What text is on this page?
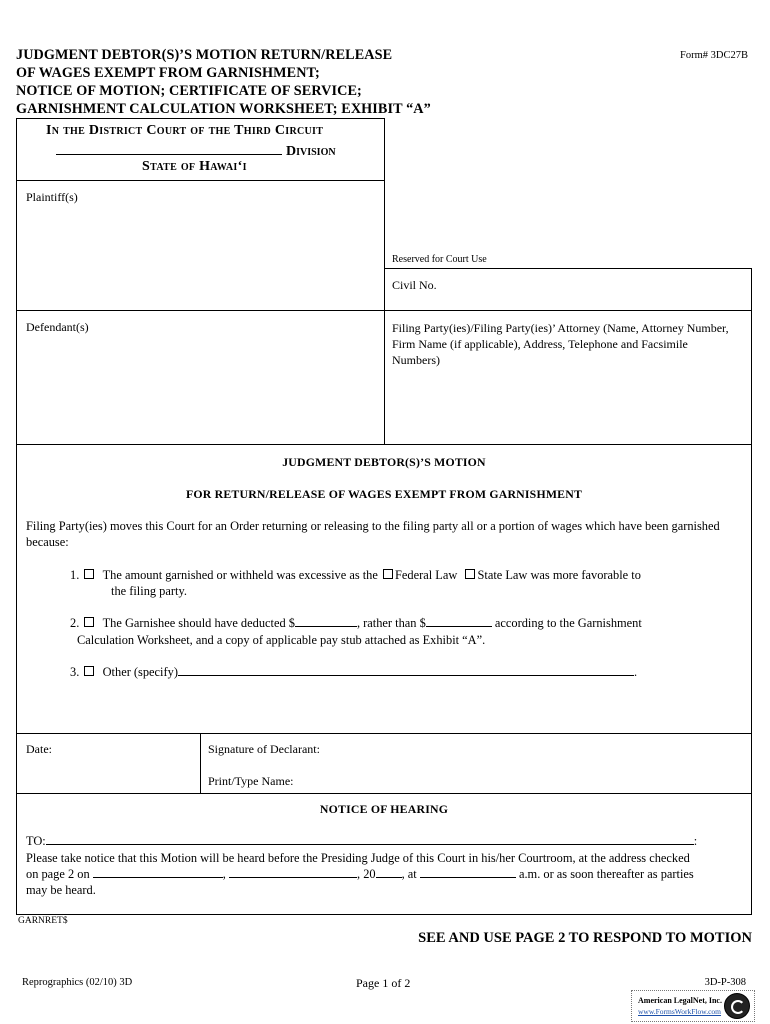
JUDGMENT DEBTOR(S)’S MOTION RETURN/RELEASE
OF WAGES EXEMPT FROM GARNISHMENT;
NOTICE OF MOTION; CERTIFICATE OF SERVICE;
GARNISHMENT CALCULATION WORKSHEET; EXHIBIT “A”
Form# 3DC27B
In the District Court of the Third Circuit
Division
State of Hawai‘i
Plaintiff(s)
Reserved for Court Use
Civil No.
Defendant(s)	Filing Party(ies)/Filing Party(ies)’ Attorney (Name, Attorney Number, Firm Name (if applicable), Address, Telephone and Facsimile Numbers)
JUDGMENT DEBTOR(S)’S MOTION
FOR RETURN/RELEASE OF WAGES EXEMPT FROM GARNISHMENT
Filing Party(ies) moves this Court for an Order returning or releasing to the filing party all or a portion of wages which have been garnished because:
1. The amount garnished or withheld was excessive as the Federal Law State Law was more favorable to
the filing party.
2. The Garnishee should have deducted $	, rather than $	according to the Garnishment
Calculation Worksheet, and a copy of applicable pay stub attached as Exhibit “A”.
3. Other (specify)	.
Date:	Signature of Declarant:
Print/Type Name:
NOTICE OF HEARING
TO:	:
Please take notice that this Motion will be heard before the Presiding Judge of this Court in his/her Courtroom, at the address checked
on page 2 on	,	, 20 , at	a.m. or as soon thereafter as parties
may be heard.
GARNRET$
SEE AND USE PAGE 2 TO RESPOND TO MOTION
Reprographics (02/10) 3D	Page 1 of 2	3D-P-308
American LegalNet, Inc.
www.FormsWorkFlow.com
